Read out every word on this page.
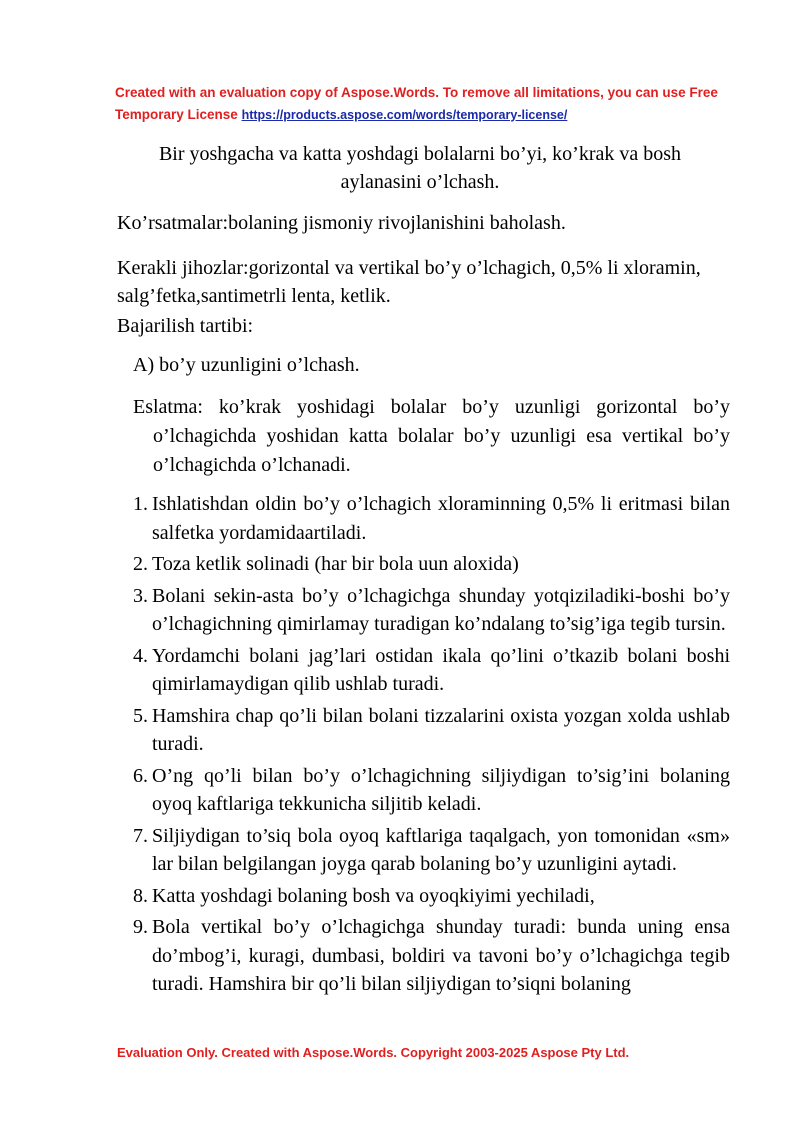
Created with an evaluation copy of Aspose.Words. To remove all limitations, you can use Free Temporary License https://products.aspose.com/words/temporary-license/
Bir yoshgacha va katta yoshdagi bolalarni bo’yi, ko’krak va bosh aylanasini o’lchash.
Ko’rsatmalar:bolaning jismoniy rivojlanishini baholash.
Kerakli jihozlar:gorizontal va vertikal bo’y o’lchagich, 0,5% li xloramin, salg’fetka,santimetrli lenta, ketlik.
Bajarilish tartibi:
A) bo’y uzunligini o’lchash.
Eslatma: ko’krak yoshidagi bolalar bo’y uzunligi gorizontal bo’y o’lchagichda yoshidan katta bolalar bo’y uzunligi esa vertikal bo’y o’lchagichda o’lchanadi.
1. Ishlatishdan oldin bo’y o’lchagich xloraminning 0,5% li eritmasi bilan salfetka yordamidaartiladi.
2. Toza ketlik solinadi (har bir bola uun aloxida)
3. Bolani sekin-asta bo’y o’lchagichga shunday yotqiziladiki-boshi bo’y o’lchagichning qimirlamay turadigan ko’ndalang to’sig’iga tegib tursin.
4. Yordamchi bolani jag’lari ostidan ikala qo’lini o’tkazib bolani boshi qimirlamaydigan qilib ushlab turadi.
5. Hamshira chap qo’li bilan bolani tizzalarini oxista yozgan xolda ushlab turadi.
6. O’ng qo’li bilan bo’y o’lchagichning siljiydigan to’sig’ini bolaning oyoq kaftlariga tekkunicha siljitib keladi.
7. Siljiydigan to’siq bola oyoq kaftlariga taqalgach, yon tomonidan «sm» lar bilan belgilangan joyga qarab bolaning bo’y uzunligini aytadi.
8. Katta yoshdagi bolaning bosh va oyoqkiyimi yechiladi,
9. Bola vertikal bo’y o’lchagichga shunday turadi: bunda uning ensa do’mbog’i, kuragi, dumbasi, boldiri va tavoni bo’y o’lchagichga tegib turadi. Hamshira bir qo’li bilan siljiydigan to’siqni bolaning
Evaluation Only. Created with Aspose.Words. Copyright 2003-2025 Aspose Pty Ltd.
